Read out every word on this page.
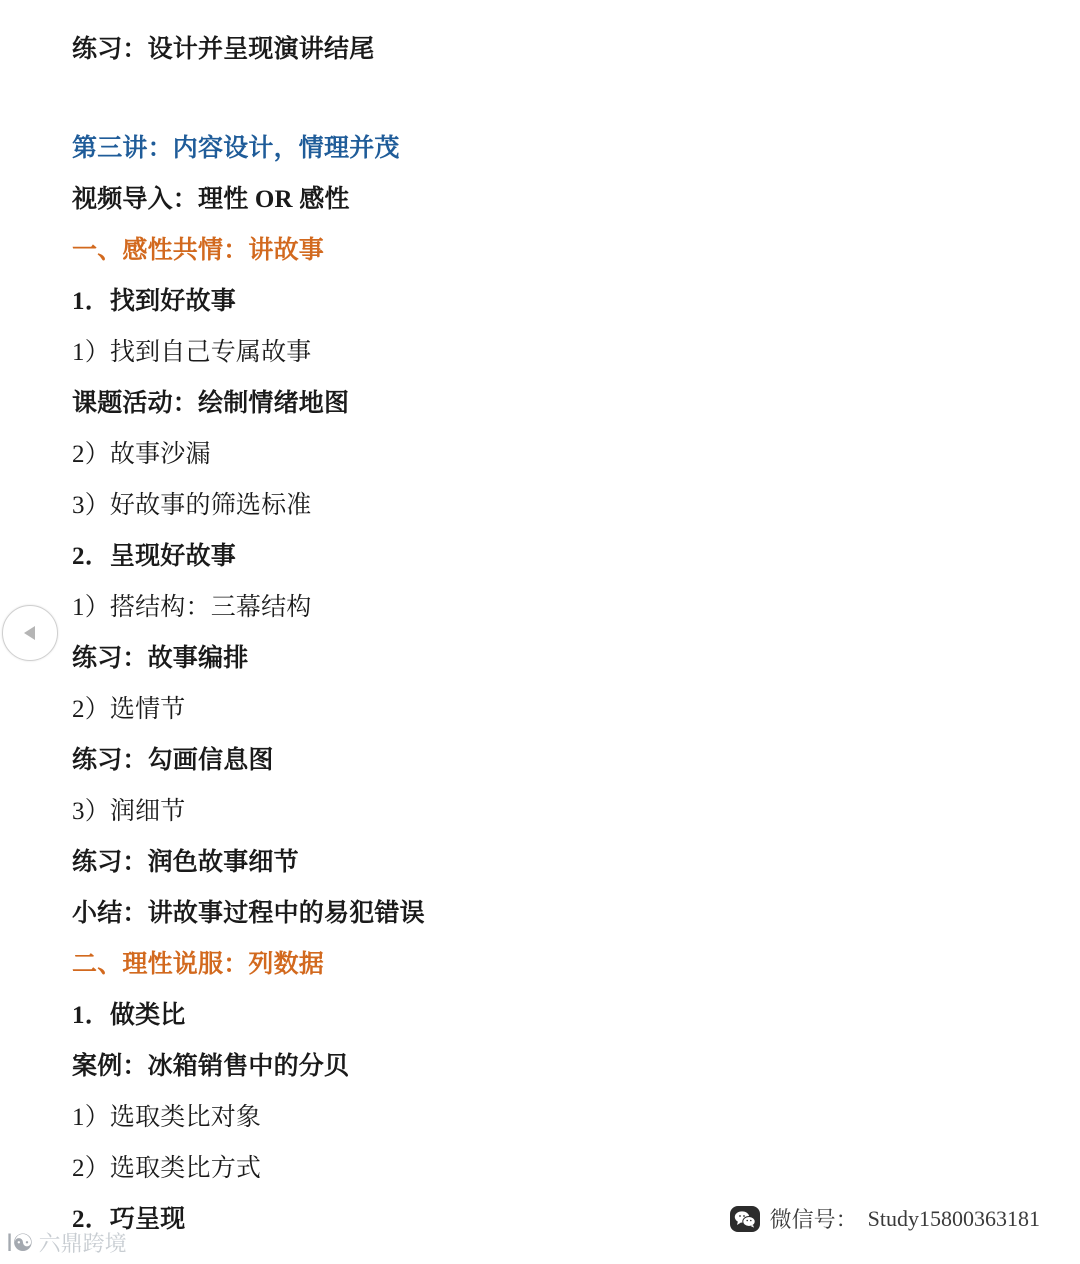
练习：设计并呈现演讲结尾
第三讲：内容设计，情理并茂
视频导入：理性 OR 感性
一、感性共情：讲故事
1．找到好故事
1）找到自己专属故事
课题活动：绘制情绪地图
2）故事沙漏
3）好故事的筛选标准
2．呈现好故事
1）搭结构：三幕结构
练习：故事编排
2）选情节
练习：勾画信息图
3）润细节
练习：润色故事细节
小结：讲故事过程中的易犯错误
二、理性说服：列数据
1．做类比
案例：冰箱销售中的分贝
1）选取类比对象
2）选取类比方式
2．巧呈现	微信号： Study15800363181
Ⅰ☯ 六鼎跨境
